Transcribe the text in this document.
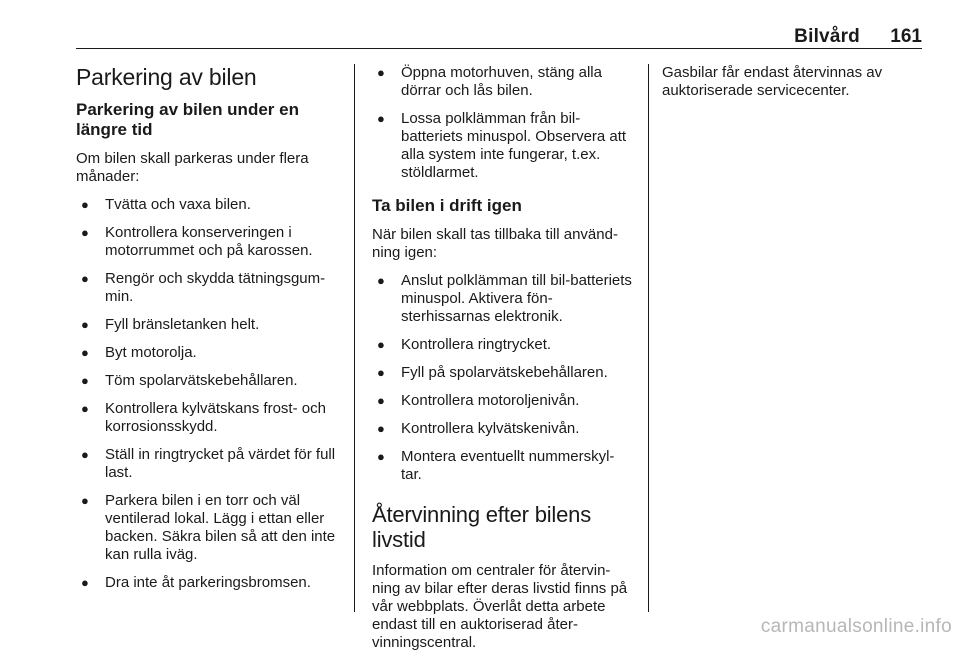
Bilvård 161
Parkering av bilen
Parkering av bilen under en längre tid

Om bilen skall parkeras under flera månader:

● Tvätta och vaxa bilen.
● Kontrollera konserveringen i motorrummet och på karossen.
● Rengör och skydda tätningsgum‐min.
● Fyll bränsletanken helt.
● Byt motorolja.
● Töm spolarvätskebehållaren.
● Kontrollera kylvätskans frost- och korrosionsskydd.
● Ställ in ringtrycket på värdet för full last.
● Parkera bilen i en torr och väl ventilerad lokal. Lägg i ettan eller backen. Säkra bilen så att den inte kan rulla iväg.
● Dra inte åt parkeringsbromsen.
● Öppna motorhuven, stäng alla dörrar och lås bilen.
● Lossa polklämman från bil‐batteriets minuspol. Observera att alla system inte fungerar, t.ex. stöldlarmet.
Ta bilen i drift igen

När bilen skall tas tillbaka till använd‐ning igen:

● Anslut polklämman till bil‐batteriets minuspol. Aktivera fön‐sterhissarnas elektronik.
● Kontrollera ringtrycket.
● Fyll på spolarvätskebehållaren.
● Kontrollera motoroljenivån.
● Kontrollera kylvätskenivån.
● Montera eventuellt nummerskyl‐tar.
Återvinning efter bilens livstid

Information om centraler för återvin‐ning av bilar efter deras livstid finns på vår webbplats. Överlåt detta arbete endast till en auktoriserad åter‐vinningscentral.

Gasbilar får endast återvinnas av auktoriserade servicecenter.

carmanualsonline.info
